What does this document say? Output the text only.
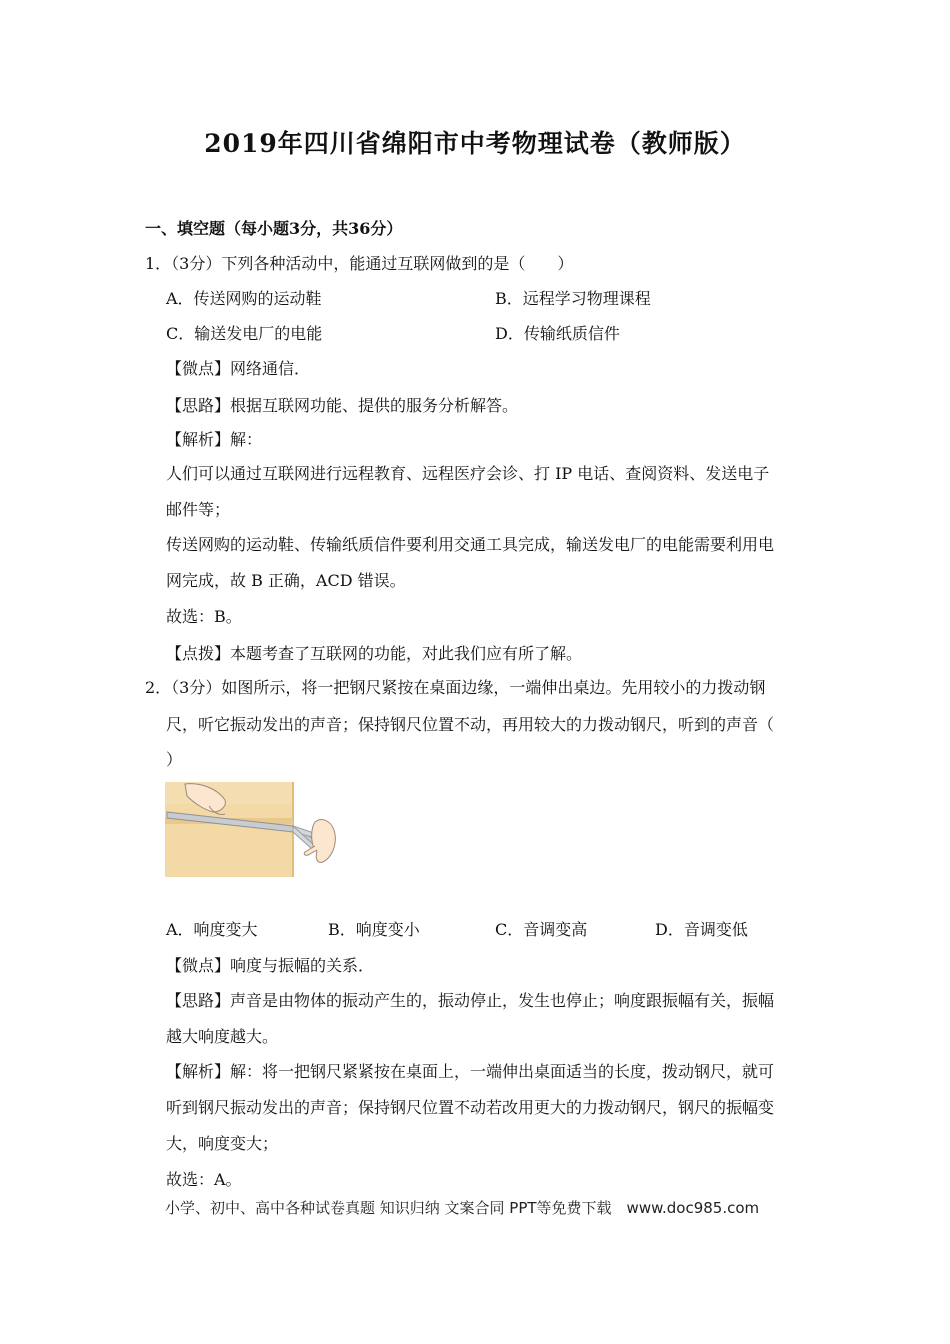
2019年四川省绵阳市中考物理试卷（教师版）
一、填空题（每小题3分，共36分）
1．（3分）下列各种活动中，能通过互联网做到的是（　　）
A．传送网购的运动鞋	B．远程学习物理课程
C．输送发电厂的电能	D．传输纸质信件
【微点】网络通信．
【思路】根据互联网功能、提供的服务分析解答。
【解析】解：
人们可以通过互联网进行远程教育、远程医疗会诊、打 IP 电话、查阅资料、发送电子
邮件等；
传送网购的运动鞋、传输纸质信件要利用交通工具完成，输送发电厂的电能需要利用电
网完成，故 B 正确，ACD 错误。
故选：B。
【点拨】本题考查了互联网的功能，对此我们应有所了解。
2．（3分）如图所示，将一把钢尺紧按在桌面边缘，一端伸出桌边。先用较小的力拨动钢
尺，听它振动发出的声音；保持钢尺位置不动，再用较大的力拨动钢尺，听到的声音（
）
A．响度变大	B．响度变小	C．音调变高	D．音调变低
【微点】响度与振幅的关系．
【思路】声音是由物体的振动产生的，振动停止，发生也停止；响度跟振幅有关，振幅
越大响度越大。
【解析】解：将一把钢尺紧紧按在桌面上，一端伸出桌面适当的长度，拨动钢尺，就可
听到钢尺振动发出的声音；保持钢尺位置不动若改用更大的力拨动钢尺，钢尺的振幅变
大，响度变大；
故选：A。
小学、初中、高中各种试卷真题 知识归纳 文案合同 PPT等免费下载　www.doc985.com
